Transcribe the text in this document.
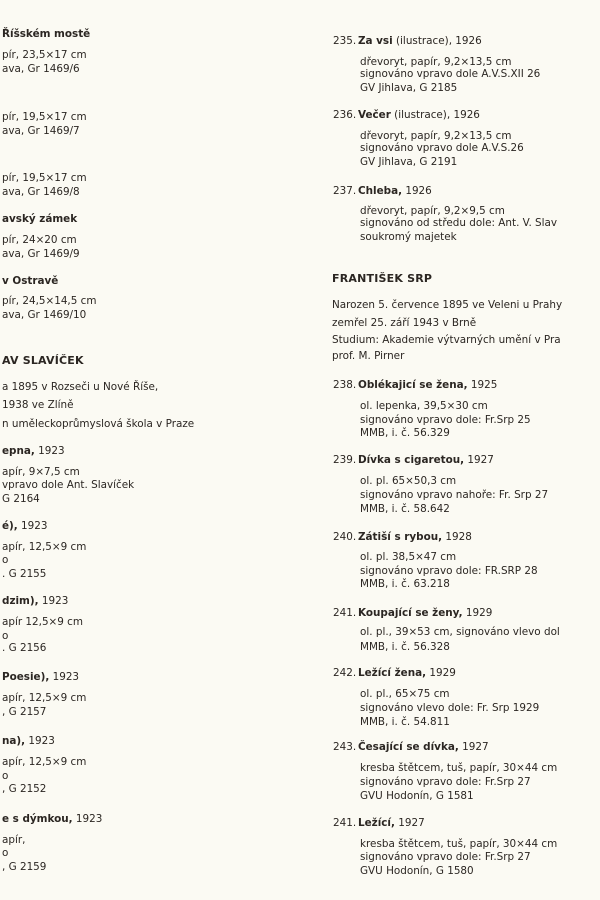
Říšském mostě
pír, 23,5×17 cm
ava, Gr 1469/6
pír, 19,5×17 cm
ava, Gr 1469/7
pír, 19,5×17 cm
ava, Gr 1469/8
avský zámek
pír, 24×20 cm
ava, Gr 1469/9
v Ostravě
pír, 24,5×14,5 cm
ava, Gr 1469/10
AV SLAVÍČEK
a 1895 v Rozseči u Nové Říše,
1938 ve Zlíně
n uměleckoprůmyslová škola v Praze
epna, 1923
apír, 9×7,5 cm
vpravo dole Ant. Slavíček
G 2164
é), 1923
apír, 12,5×9 cm
o
. G 2155
dzim), 1923
apír 12,5×9 cm
o
. G 2156
Poesie), 1923
apír, 12,5×9 cm
, G 2157
na), 1923
apír, 12,5×9 cm
o
, G 2152
e s dýmkou, 1923
apír,
o
, G 2159
235. Za vsi (ilustrace), 1926
dřevoryt, papír, 9,2×13,5 cm
signováno vpravo dole A.V.S.XII 26
GV Jihlava, G 2185
236. Večer (ilustrace), 1926
dřevoryt, papír, 9,2×13,5 cm
signováno vpravo dole A.V.S.26
GV Jihlava, G 2191
237. Chleba, 1926
dřevoryt, papír, 9,2×9,5 cm
signováno od středu dole: Ant. V. Slav
soukromý majetek
FRANTIŠEK SRP
Narozen 5. července 1895 ve Veleni u Prahy
zemřel 25. září 1943 v Brně
Studium: Akademie výtvarných umění v Pra
prof. M. Pirner
238. Oblékajicí se žena, 1925
ol. lepenka, 39,5×30 cm
signováno vpravo dole: Fr.Srp 25
MMB, i. č. 56.329
239. Dívka s cigaretou, 1927
ol. pl. 65×50,3 cm
signováno vpravo nahoře: Fr. Srp 27
MMB, i. č. 58.642
240. Zátiší s rybou, 1928
ol. pl. 38,5×47 cm
signováno vpravo dole: FR.SRP 28
MMB, i. č. 63.218
241. Koupající se ženy, 1929
ol. pl., 39×53 cm, signováno vlevo dol
MMB, i. č. 56.328
242. Ležící žena, 1929
ol. pl., 65×75 cm
signováno vlevo dole: Fr. Srp 1929
MMB, i. č. 54.811
243. Česající se dívka, 1927
kresba štětcem, tuš, papír, 30×44 cm
signováno vpravo dole: Fr.Srp 27
GVU Hodonín, G 1581
241. Ležící, 1927
kresba štětcem, tuš, papír, 30×44 cm
signováno vpravo dole: Fr.Srp 27
GVU Hodonín, G 1580
